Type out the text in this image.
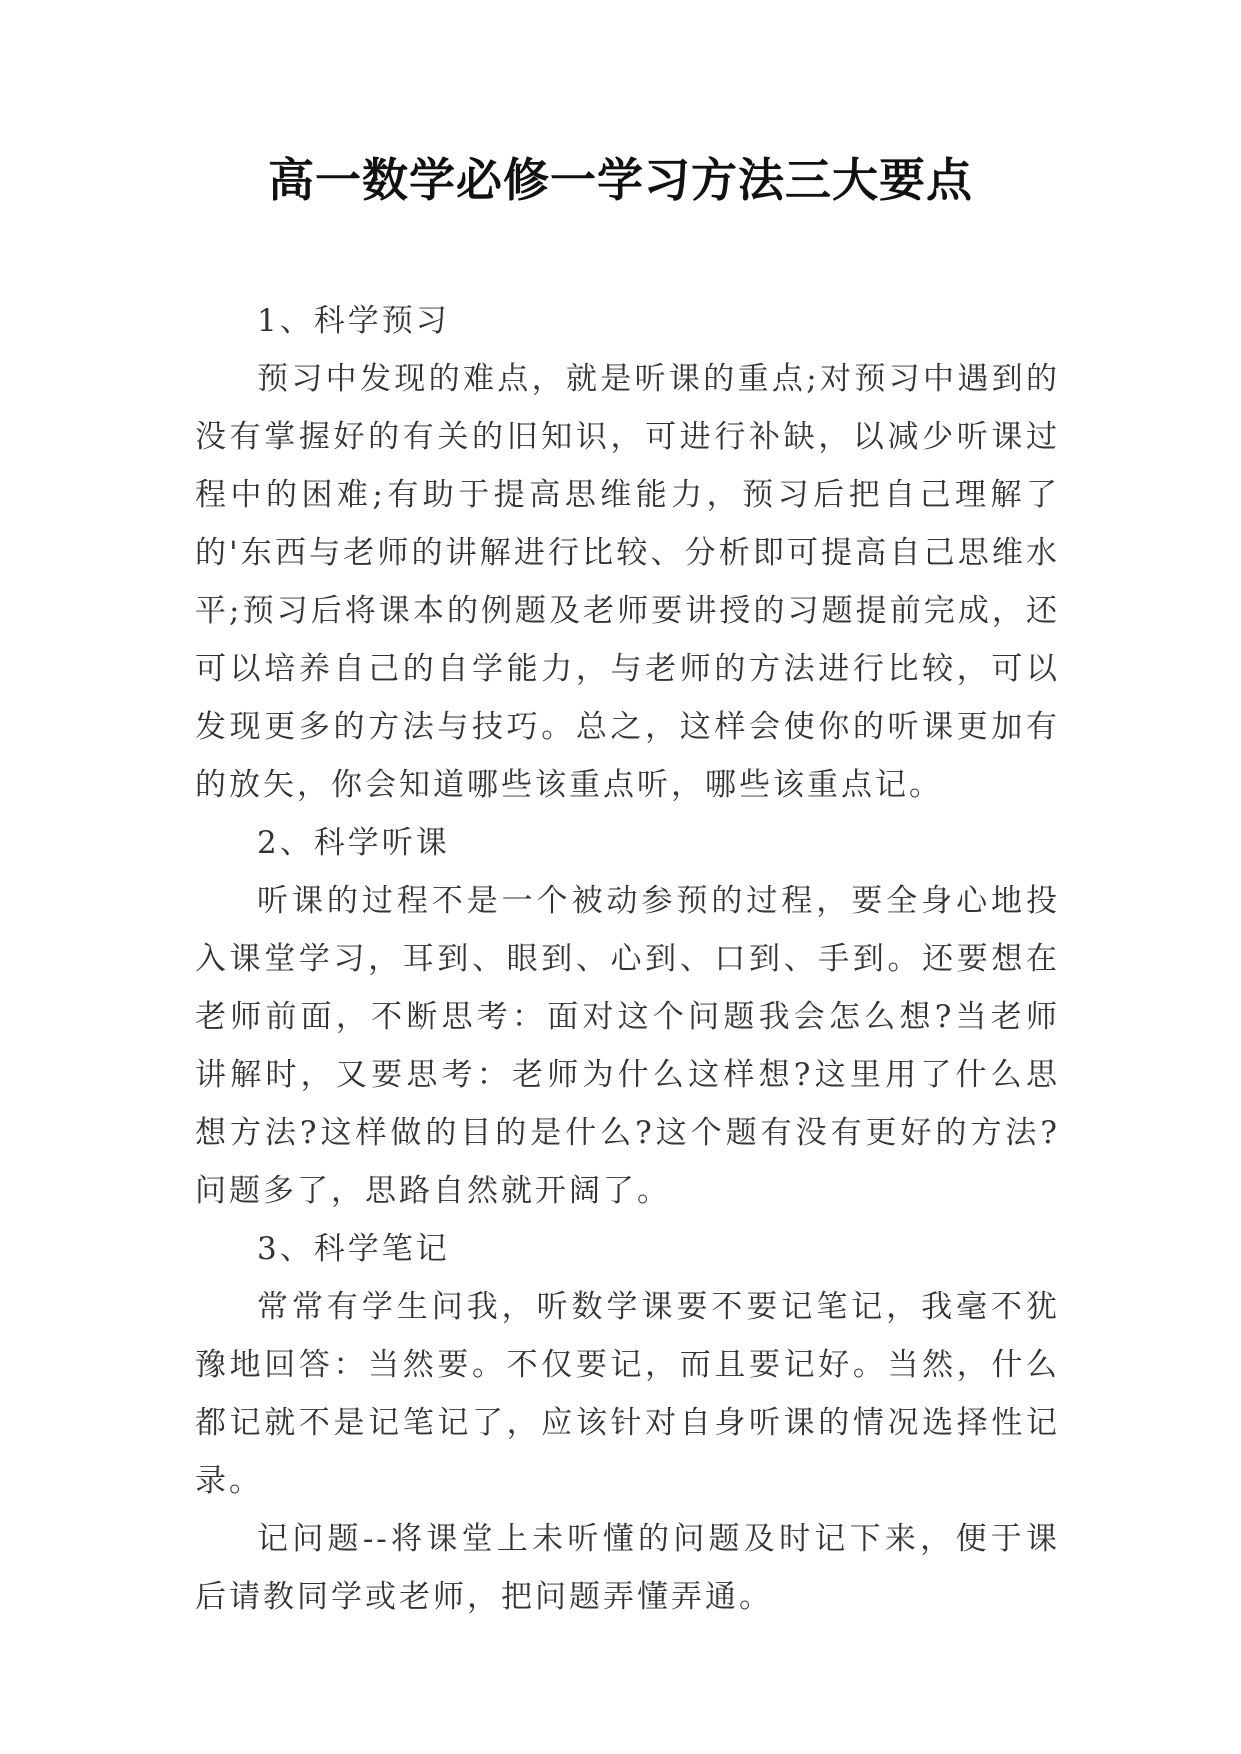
高一数学必修一学习方法三大要点

1、科学预习

预习中发现的难点，就是听课的重点;对预习中遇到的没有掌握好的有关的旧知识，可进行补缺，以减少听课过程中的困难;有助于提高思维能力，预习后把自己理解了的'东西与老师的讲解进行比较、分析即可提高自己思维水平;预习后将课本的例题及老师要讲授的习题提前完成，还可以培养自己的自学能力，与老师的方法进行比较，可以发现更多的方法与技巧。总之，这样会使你的听课更加有的放矢，你会知道哪些该重点听，哪些该重点记。

2、科学听课

听课的过程不是一个被动参预的过程，要全身心地投入课堂学习，耳到、眼到、心到、口到、手到。还要想在老师前面，不断思考：面对这个问题我会怎么想?当老师讲解时，又要思考：老师为什么这样想?这里用了什么思想方法?这样做的目的是什么?这个题有没有更好的方法?问题多了，思路自然就开阔了。

3、科学笔记

常常有学生问我，听数学课要不要记笔记，我毫不犹豫地回答：当然要。不仅要记，而且要记好。当然，什么都记就不是记笔记了，应该针对自身听课的情况选择性记录。

记问题--将课堂上未听懂的问题及时记下来，便于课后请教同学或老师，把问题弄懂弄通。
